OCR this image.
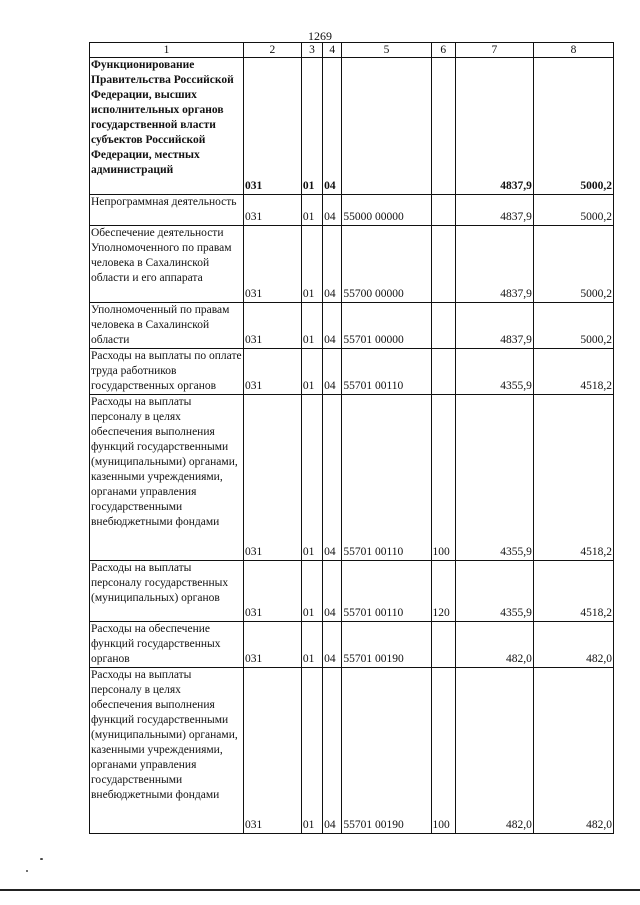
1269
1	2	3	4	5	6	7	8
Функционирование Правительства Российской Федерации, высших исполнительных органов государственной власти субъектов Российской Федерации, местных администраций	031	01	04			4837,9	5000,2
Непрограммная деятельность	031	01	04	55000 00000		4837,9	5000,2
Обеспечение деятельности Уполномоченного по правам человека в Сахалинской области и его аппарата	031	01	04	55700 00000		4837,9	5000,2
Уполномоченный по правам человека в Сахалинской области	031	01	04	55701 00000		4837,9	5000,2
Расходы на выплаты по оплате труда работников государственных органов	031	01	04	55701 00110		4355,9	4518,2
Расходы на выплаты персоналу в целях обеспечения выполнения функций государственными (муниципальными) органами, казенными учреждениями, органами управления государственными внебюджетными фондами	031	01	04	55701 00110	100	4355,9	4518,2
Расходы на выплаты персоналу государственных (муниципальных) органов	031	01	04	55701 00110	120	4355,9	4518,2
Расходы на обеспечение функций государственных органов	031	01	04	55701 00190		482,0	482,0
Расходы на выплаты персоналу в целях обеспечения выполнения функций государственными (муниципальными) органами, казенными учреждениями, органами управления государственными внебюджетными фондами	031	01	04	55701 00190	100	482,0	482,0
